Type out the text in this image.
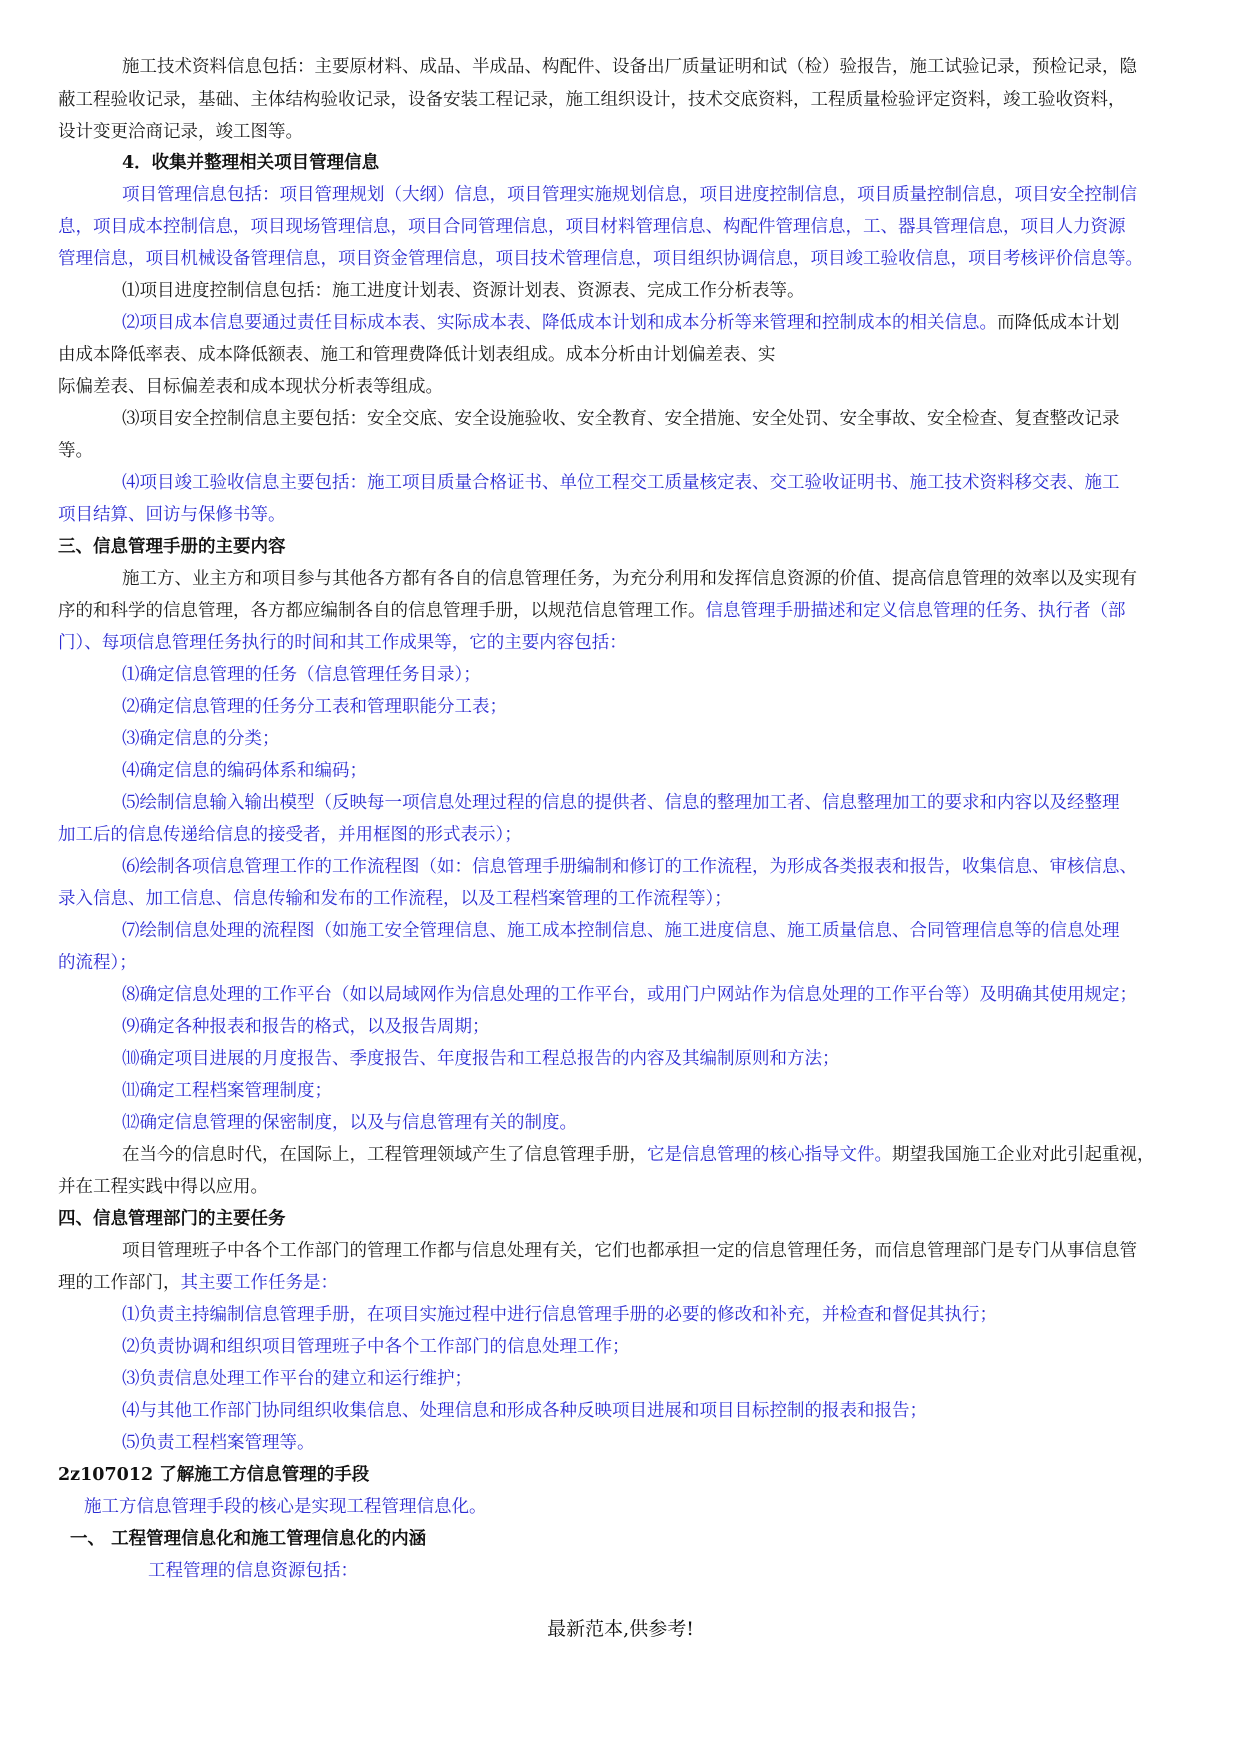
施工技术资料信息包括：主要原材料、成品、半成品、构配件、设备出厂质量证明和试（检）验报告，施工试验记录，预检记录，隐
蔽工程验收记录，基础、主体结构验收记录，设备安装工程记录，施工组织设计，技术交底资料，工程质量检验评定资料，竣工验收资料，
设计变更洽商记录，竣工图等。
4．收集并整理相关项目管理信息
项目管理信息包括：项目管理规划（大纲）信息，项目管理实施规划信息，项目进度控制信息，项目质量控制信息，项目安全控制信
息，项目成本控制信息，项目现场管理信息，项目合同管理信息，项目材料管理信息、构配件管理信息，工、器具管理信息，项目人力资源
管理信息，项目机械设备管理信息，项目资金管理信息，项目技术管理信息，项目组织协调信息，项目竣工验收信息，项目考核评价信息等。
⑴项目进度控制信息包括：施工进度计划表、资源计划表、资源表、完成工作分析表等。
⑵项目成本信息要通过责任目标成本表、实际成本表、降低成本计划和成本分析等来管理和控制成本的相关信息。而降低成本计划
由成本降低率表、成本降低额表、施工和管理费降低计划表组成。成本分析由计划偏差表、实
际偏差表、目标偏差表和成本现状分析表等组成。
⑶项目安全控制信息主要包括：安全交底、安全设施验收、安全教育、安全措施、安全处罚、安全事故、安全检查、复查整改记录
等。
⑷项目竣工验收信息主要包括：施工项目质量合格证书、单位工程交工质量核定表、交工验收证明书、施工技术资料移交表、施工
项目结算、回访与保修书等。
三、信息管理手册的主要内容
施工方、业主方和项目参与其他各方都有各自的信息管理任务，为充分利用和发挥信息资源的价值、提高信息管理的效率以及实现有
序的和科学的信息管理，各方都应编制各自的信息管理手册，以规范信息管理工作。信息管理手册描述和定义信息管理的任务、执行者（部
门）、每项信息管理任务执行的时间和其工作成果等，它的主要内容包括：
⑴确定信息管理的任务（信息管理任务目录）；
⑵确定信息管理的任务分工表和管理职能分工表；
⑶确定信息的分类；
⑷确定信息的编码体系和编码；
⑸绘制信息输入输出模型（反映每一项信息处理过程的信息的提供者、信息的整理加工者、信息整理加工的要求和内容以及经整理
加工后的信息传递给信息的接受者，并用框图的形式表示）；
⑹绘制各项信息管理工作的工作流程图（如：信息管理手册编制和修订的工作流程，为形成各类报表和报告，收集信息、审核信息、
录入信息、加工信息、信息传输和发布的工作流程，以及工程档案管理的工作流程等）；
⑺绘制信息处理的流程图（如施工安全管理信息、施工成本控制信息、施工进度信息、施工质量信息、合同管理信息等的信息处理
的流程）；
⑻确定信息处理的工作平台（如以局域网作为信息处理的工作平台，或用门户网站作为信息处理的工作平台等）及明确其使用规定；
⑼确定各种报表和报告的格式，以及报告周期；
⑽确定项目进展的月度报告、季度报告、年度报告和工程总报告的内容及其编制原则和方法；
⑾确定工程档案管理制度；
⑿确定信息管理的保密制度，以及与信息管理有关的制度。
在当今的信息时代，在国际上，工程管理领域产生了信息管理手册，它是信息管理的核心指导文件。期望我国施工企业对此引起重视，
并在工程实践中得以应用。
四、信息管理部门的主要任务
项目管理班子中各个工作部门的管理工作都与信息处理有关，它们也都承担一定的信息管理任务，而信息管理部门是专门从事信息管
理的工作部门，其主要工作任务是：
⑴负责主持编制信息管理手册，在项目实施过程中进行信息管理手册的必要的修改和补充，并检查和督促其执行；
⑵负责协调和组织项目管理班子中各个工作部门的信息处理工作；
⑶负责信息处理工作平台的建立和运行维护；
⑷与其他工作部门协同组织收集信息、处理信息和形成各种反映项目进展和项目目标控制的报表和报告；
⑸负责工程档案管理等。
2z107012 了解施工方信息管理的手段
施工方信息管理手段的核心是实现工程管理信息化。
一、 工程管理信息化和施工管理信息化的内涵
工程管理的信息资源包括：
最新范本,供参考!
